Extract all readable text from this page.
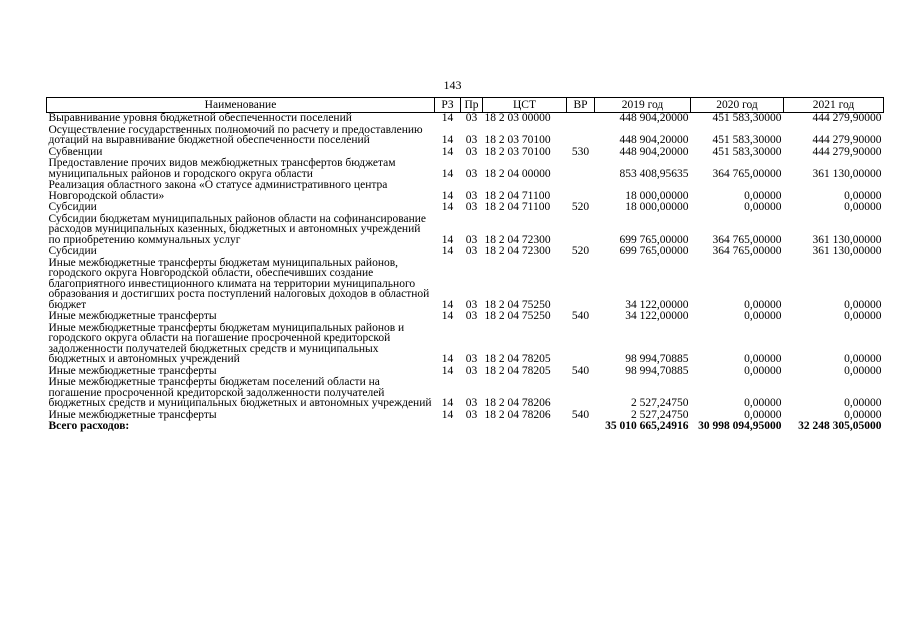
143
Наименование	РЗ	Пр	ЦСТ	ВР	2019 год	2020 год	2021 год
Выравнивание уровня бюджетной обеспеченности поселений	14	03	18 2 03 00000		448 904,20000	451 583,30000	444 279,90000
Осуществление государственных полномочий по расчету и предоставлению дотаций на выравнивание бюджетной обеспеченности поселений	14	03	18 2 03 70100		448 904,20000	451 583,30000	444 279,90000
Субвенции	14	03	18 2 03 70100	530	448 904,20000	451 583,30000	444 279,90000
Предоставление прочих видов межбюджетных трансфертов бюджетам муниципальных районов и городского округа области	14	03	18 2 04 00000		853 408,95635	364 765,00000	361 130,00000
Реализация областного закона «О статусе административного центра Новгородской области»	14	03	18 2 04 71100		18 000,00000	0,00000	0,00000
Субсидии	14	03	18 2 04 71100	520	18 000,00000	0,00000	0,00000
Субсидии бюджетам муниципальных районов области на софинансирование расходов муниципальных казенных, бюджетных и автономных учреждений по приобретению коммунальных услуг	14	03	18 2 04 72300		699 765,00000	364 765,00000	361 130,00000
Субсидии	14	03	18 2 04 72300	520	699 765,00000	364 765,00000	361 130,00000
Иные межбюджетные трансферты бюджетам муниципальных районов, городского округа Новгородской области, обеспечивших создание благоприятного инвестиционного климата на территории муниципального образования и достигших роста поступлений налоговых доходов в областной бюджет	14	03	18 2 04 75250		34 122,00000	0,00000	0,00000
Иные межбюджетные трансферты	14	03	18 2 04 75250	540	34 122,00000	0,00000	0,00000
Иные межбюджетные трансферты бюджетам муниципальных районов и городского округа области на погашение просроченной кредиторской задолженности получателей бюджетных средств и муниципальных бюджетных и автономных учреждений	14	03	18 2 04 78205		98 994,70885	0,00000	0,00000
Иные межбюджетные трансферты	14	03	18 2 04 78205	540	98 994,70885	0,00000	0,00000
Иные межбюджетные трансферты бюджетам поселений области на погашение просроченной кредиторской задолженности получателей бюджетных средств и муниципальных бюджетных и автономных учреждений	14	03	18 2 04 78206		2 527,24750	0,00000	0,00000
Иные межбюджетные трансферты	14	03	18 2 04 78206	540	2 527,24750	0,00000	0,00000
Всего расходов:					35 010 665,24916	30 998 094,95000	32 248 305,05000
